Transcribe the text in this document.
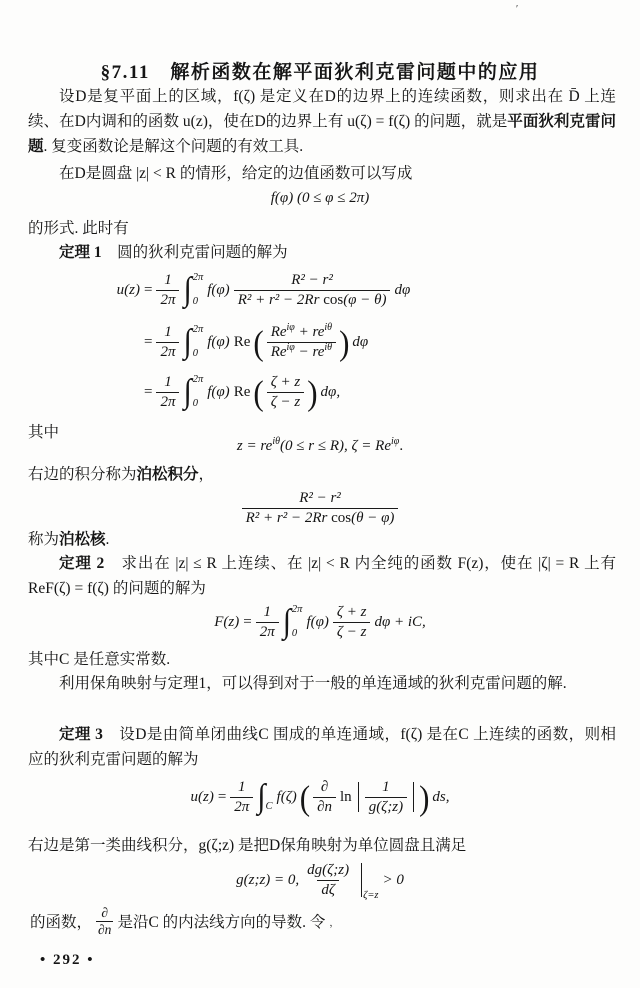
′
§7.11　解析函数在解平面狄利克雷问题中的应用

设D是复平面上的区域，f(ζ) 是定义在D的边界上的连续函数，则求出在 D̄ 上连续、在D内调和的函数 u(z)，使在D的边界上有 u(ζ) = f(ζ) 的问题，就是平面狄利克雷问题. 复变函数论是解这个问题的有效工具.

在D是圆盘 |z| < R 的情形，给定的边值函数可以写成

f(φ) (0 ≤ φ ≤ 2π)

的形式. 此时有

定理 1　圆的狄利克雷问题的解为

$u(z) = \frac{1}{2\pi}$ ∫ 2π
0
$f(\varphi) \frac{\text{R² − r²}}{\text{R² + r² − 2Rr cos(φ − θ)}}$ dφ
= $\frac{1}{2\pi}$ ∫ 2π
0
f(φ) Re ( $\frac{Re^{i\varphi} + re^{i\theta}}{Re^{i\varphi} - re^{i\theta}}$ ) dφ
= $\frac{1}{2\pi}$ ∫ 2π
0
f(φ) Re ( $\frac{\zeta + z}{\zeta - z}$ ) dφ,

其中

$z = re^{i\theta}(0 \le r \le R)$, $\zeta = Re^{i\varphi}$.

右边的积分称为泊松积分，

$\frac{\text{R² − r²}}{\text{R² + r² − 2Rr cos(θ − φ)}}$

称为泊松核.

定理 2　求出在 |z| ≤ R 上连续、在 |z| < R 内全纯的函数 F(z)，使在 |ζ| = R 上有 ReF(ζ) = f(ζ) 的问题的解为

$F(z) = \frac{1}{2\pi}$ ∫ 2π
0
$f(\varphi) \frac{\zeta + z}{\zeta - z}$ dφ + iC,

其中C 是任意实常数.

利用保角映射与定理1，可以得到对于一般的单连通域的狄利克雷问题的解.

定理 3　设D是由简单闭曲线C 围成的单连通域，f(ζ) 是在C 上连续的函数，则相应的狄利克雷问题的解为

$u(z) = \frac{1}{2\pi}$ ∫ C
f(ζ) ( $\frac{\partial}{\partial n}$ $\ln \frac{1}{g(\zeta;z)}$ ) ds,

右边是第一类曲线积分，g(ζ;z) 是把D保角映射为单位圆盘且满足

g(z;z) = 0, $\frac{dg(\zeta;z)}{d\zeta} \zeta=z$
> 0
的函数， $\frac{\partial}{\partial n}$ 是沿C 的内法线方向的导数. 令 ，
• 292 •
